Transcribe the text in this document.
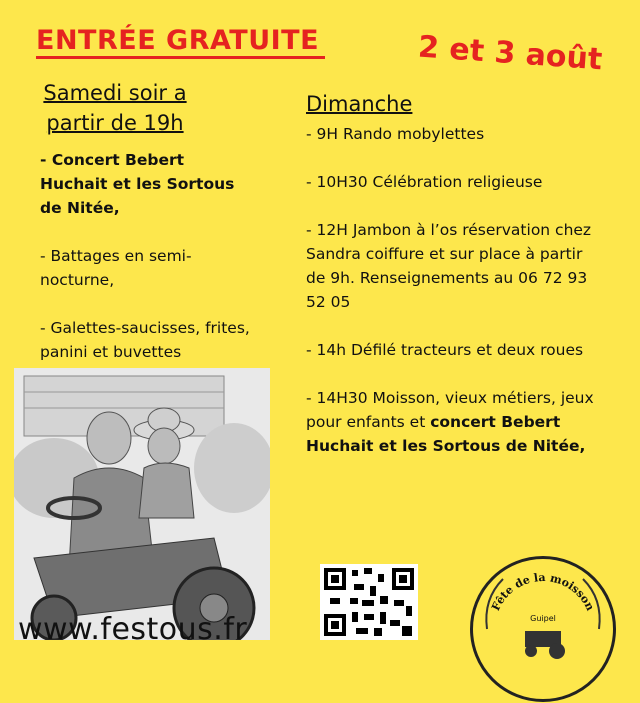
ENTRÉE GRATUITE	2 et 3 août
Samedi soir a
partir de 19h
- Concert Bebert Huchait et les Sortous de Nitée,
- Battages en semi-nocturne,
- Galettes-saucisses, frites, panini et buvettes
Dimanche
- 9H Rando mobylettes
- 10H30 Célébration religieuse
- 12H Jambon à l’os réservation chez Sandra coiffure et sur place à partir de 9h. Renseignements au 06 72 93 52 05
- 14h Défilé tracteurs et deux roues
- 14H30 Moisson, vieux métiers, jeux pour enfants et concert Bebert Huchait et les Sortous de Nitée,
Fête de la moisson
Guipel
www.festous.fr
